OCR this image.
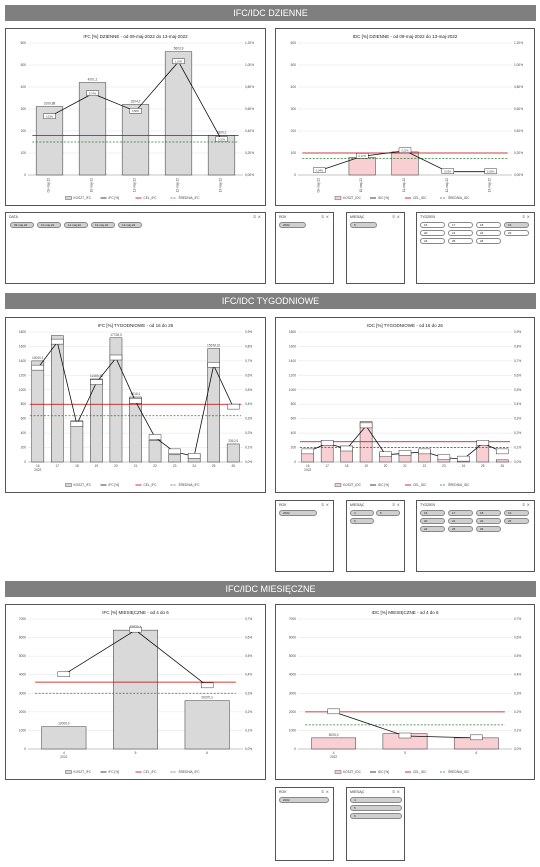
IFC/IDC DZIENNE
IFC/IDC TYGODNIOWE
IFC/IDC MIESIĘCZNE
IFC [%] DZIENNE - od 09-maj-2022 do 13-maj-2022
0
100
200
300
400
500
600
0,00%
0,20%
0,40%
0,60%
0,80%
1,00%
1,20%
3109,88
4201,1
3204,2
5603,9
1800,2
0,53%
0,74%
0,58%
1,03%
0,32%
09-maj-22	10-maj-22	11-maj-22	12-maj-22	13-maj-22
KOSZT_IFC	IFC [%]	CEL_IFC	ŚREDNIA_IFC
IDC [%] DZIENNE - od 09-maj-2022 do 13-maj-2022
0
100
200
300
400
500
600
0,00%
0,20%
0,40%
0,60%
0,80%
1,00%
1,20%
0,04%
0,17%
0,22%
0,03%	0,03%
09-maj-22	10-maj-22	11-maj-22	12-maj-22	13-maj-22
KOSZT_IDC	IDC [%]	CEL_IDC	ŚREDNIA_IDC
IFC [%] TYGODNIOWE - od 16 do 26
0
200
400
600
800
1000
1200
1400
1600
1800
0,0%
0,1%
0,2%
0,3%
0,4%
0,5%
0,6%
0,7%
0,8%
0,9%
14000,1
11469,35
17728,3
9016,1
15678,31
2510,5
16	17	18	19	20	21	22	23	24	25	26
2022
KOSZT_IFC	IFC [%]	CEL_IFC	ŚREDNIA_IFC
IDC [%] TYGODNIOWE - od 16 do 26
0
200
400
600
800
1000
1200
1400
1600
1800
0,0%
0,1%
0,2%
0,3%
0,4%
0,5%
0,6%
0,7%
0,8%
0,9%
16	17	18	19	20	21	22	23	24	25	26
2022
KOSZT_IDC	IDC [%]	CEL_IDC	ŚREDNIA_IDC
IFC [%] MIESIĘCZNE - od 4 do 6
0
1000
2000
3000
4000
5000
6000
7000
0,0%
0,1%
0,2%
0,3%
0,4%
0,5%
0,6%
0,7%
12000,0
26370,1
4	5	6
2022
KOSZT_IFC	IFC [%]	CEL_IFC	ŚREDNIA_IFC
IDC [%] MIESIĘCZNE - od 4 do 6
0
1000
2000
3000
4000
5000
6000
7000
0,0%
0,1%
0,2%
0,3%
0,4%
0,5%
0,6%
0,7%
6025,0
4	5	6
2022
KOSZT_IDC	IDC [%]	CEL_IDC	ŚREDNIA_IDC
DATA	⚟ ⨯
09.maj.22	10.maj.22	11.maj.22	12.maj.22	13.maj.22
ROK	⚟ ⨯
2022
MIESIĄC	⚟ ⨯
5
TYDZIEŃ	⚟ ⨯
16	17	18	19
20	21	22	23
24	25	26
ROK	⚟ ⨯
2022
MIESIĄC	⚟ ⨯
4	5
6
TYDZIEŃ	⚟ ⨯
16	17	18	19
20	21	22	23
24	25	26
ROK	⚟ ⨯
2022
MIESIĄC	⚟ ⨯
4
5
6
